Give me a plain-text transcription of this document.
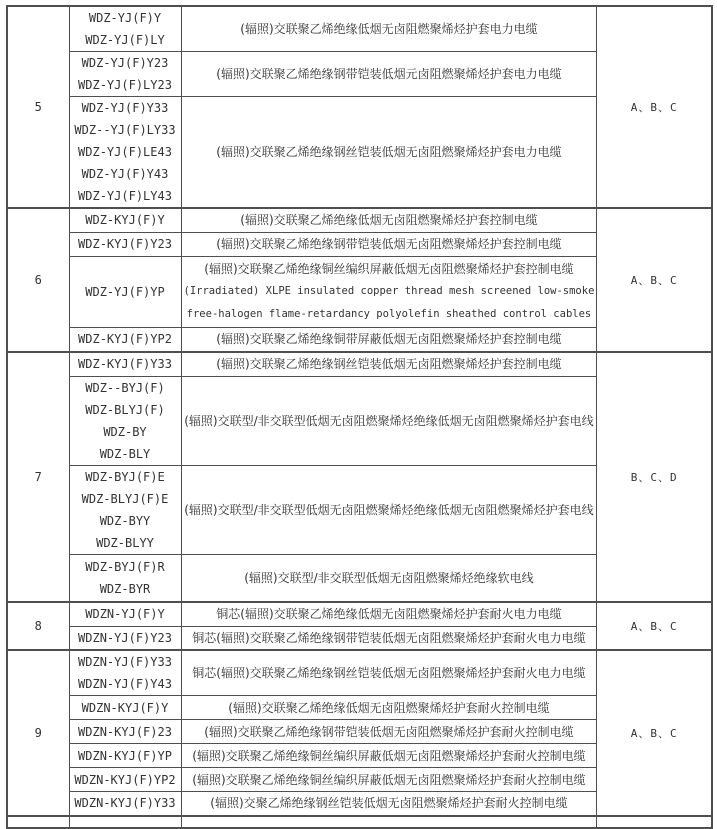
5	WDZ-YJ(F)Y
WDZ-YJ(F)LY	(辐照)交联聚乙烯绝缘低烟无卤阻燃聚烯烃护套电力电缆	A、B、C

	WDZ-YJ(F)Y23
WDZ-YJ(F)LY23	(辐照)交联聚乙烯绝缘钢带铠装低烟元卤阻燃聚烯烃护套电力电缆	

	WDZ-YJ(F)Y33
WDZ--YJ(F)LY33
WDZ-YJ(F)LE43
WDZ-YJ(F)Y43
WDZ-YJ(F)LY43	(辐照)交联聚乙烯绝缘钢丝铠装低烟无卤阻燃聚烯烃护套电力电缆	

6	WDZ-KYJ(F)Y	(辐照)交联聚乙烯绝缘低烟无卤阻燃聚烯烃护套控制电缆	A、B、C

	WDZ-KYJ(F)Y23	(辐照)交联聚乙烯绝缘钢带铠装低烟无卤阻燃聚烯烃护套控制电缆	

	WDZ-YJ(F)YP	(辐照)交联聚乙烯绝缘铜丝编织屏蔽低烟无卤阻燃聚烯烃护套控制电缆
(Irradiated) XLPE insulated copper thread mesh screened low-smoke
free-halogen flame-retardancy polyolefin sheathed control cables	

	WDZ-KYJ(F)YP2	(辐照)交联聚乙烯绝缘铜带屏蔽低烟无卤阻燃聚烯烃护套控制电缆	

7	WDZ-KYJ(F)Y33	(辐照)交联聚乙烯绝缘钢丝铠装低烟无卤阻燃聚烯烃护套控制电缆	B、C、D

	WDZ--BYJ(F)
WDZ-BLYJ(F)
WDZ-BY
WDZ-BLY	(辐照)交联型/非交联型低烟无卤阻燃聚烯烃绝缘低烟无卤阻燃聚烯烃护套电线	

	WDZ-BYJ(F)E
WDZ-BLYJ(F)E
WDZ-BYY
WDZ-BLYY	(辐照)交联型/非交联型低烟无卤阻燃聚烯烃绝缘低烟无卤阻燃聚烯烃护套电线	

	WDZ-BYJ(F)R
WDZ-BYR	(辐照)交联型/非交联型低烟无卤阻燃聚烯烃绝缘软电线	

8	WDZN-YJ(F)Y	铜芯(辐照)交联聚乙烯绝缘低烟无卤阻燃聚烯烃护套耐火电力电缆	A、B、C

	WDZN-YJ(F)Y23	铜芯(辐照)交联聚乙烯绝缘钢带铠装低烟无卤阻燃聚烯烃护套耐火电力电缆	

9	WDZN-YJ(F)Y33
WDZN-YJ(F)Y43	铜芯(辐照)交联聚乙烯绝缘钢丝铠装低烟无卤阻燃聚烯烃护套耐火电力电缆	A、B、C

	WDZN-KYJ(F)Y	(辐照)交联聚乙烯绝缘低烟无卤阻燃聚烯烃护套耐火控制电缆	

	WDZN-KYJ(F)23	(辐照)交联聚乙烯绝缘钢带铠装低烟无卤阻燃聚烯烃护套耐火控制电缆	

	WDZN-KYJ(F)YP	(辐照)交联聚乙烯绝缘铜丝编织屏蔽低烟无卤阻燃聚烯烃护套耐火控制电缆	

	WDZN-KYJ(F)YP2	(辐照)交联聚乙烯绝缘铜丝编织屏蔽低烟无卤阻燃聚烯烃护套耐火控制电缆	

	WDZN-KYJ(F)Y33	(辐照)交聚乙烯绝缘钢丝铠装低烟无卤阻燃聚烯烃护套耐火控制电缆	
